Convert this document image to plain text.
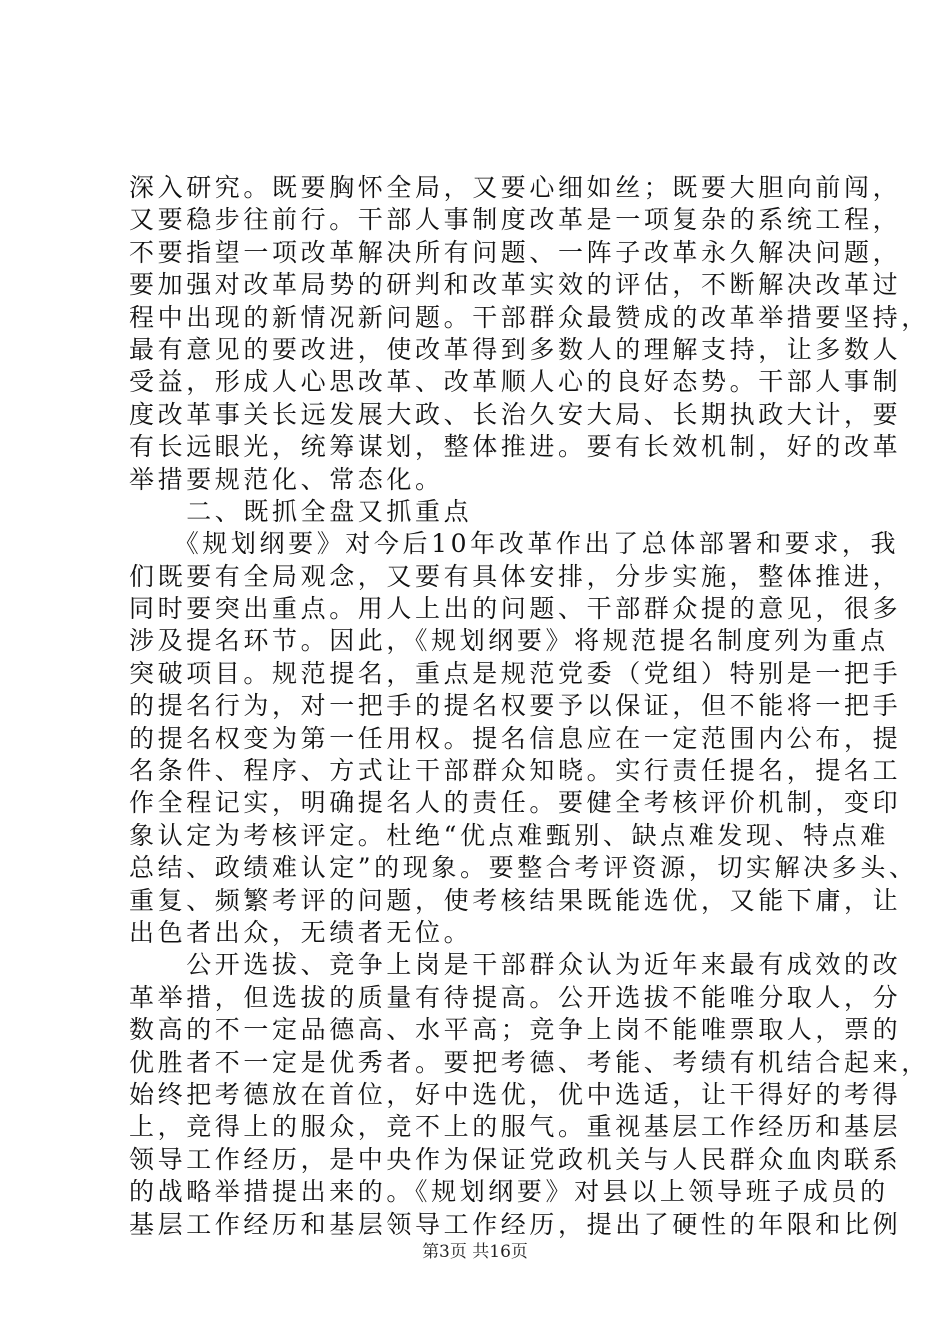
深入研究。既要胸怀全局，又要心细如丝；既要大胆向前闯，
又要稳步往前行。干部人事制度改革是一项复杂的系统工程，
不要指望一项改革解决所有问题、一阵子改革永久解决问题，
要加强对改革局势的研判和改革实效的评估，不断解决改革过
程中出现的新情况新问题。干部群众最赞成的改革举措要坚持，
最有意见的要改进，使改革得到多数人的理解支持，让多数人
受益，形成人心思改革、改革顺人心的良好态势。干部人事制
度改革事关长远发展大政、长治久安大局、长期执政大计，要
有长远眼光，统筹谋划，整体推进。要有长效机制，好的改革
举措要规范化、常态化。
　　二、既抓全盘又抓重点
　　《规划纲要》对今后10年改革作出了总体部署和要求，我
们既要有全局观念，又要有具体安排，分步实施，整体推进，
同时要突出重点。用人上出的问题、干部群众提的意见，很多
涉及提名环节。因此，《规划纲要》将规范提名制度列为重点
突破项目。规范提名，重点是规范党委（党组）特别是一把手
的提名行为，对一把手的提名权要予以保证，但不能将一把手
的提名权变为第一任用权。提名信息应在一定范围内公布，提
名条件、程序、方式让干部群众知晓。实行责任提名，提名工
作全程记实，明确提名人的责任。要健全考核评价机制，变印
象认定为考核评定。杜绝“优点难甄别、缺点难发现、特点难
总结、政绩难认定”的现象。要整合考评资源，切实解决多头、
重复、频繁考评的问题，使考核结果既能选优，又能下庸，让
出色者出众，无绩者无位。
　　公开选拔、竞争上岗是干部群众认为近年来最有成效的改
革举措，但选拔的质量有待提高。公开选拔不能唯分取人，分
数高的不一定品德高、水平高；竞争上岗不能唯票取人，票的
优胜者不一定是优秀者。要把考德、考能、考绩有机结合起来，
始终把考德放在首位，好中选优，优中选适，让干得好的考得
上，竞得上的服众，竞不上的服气。重视基层工作经历和基层
领导工作经历，是中央作为保证党政机关与人民群众血肉联系
的战略举措提出来的。《规划纲要》对县以上领导班子成员的
基层工作经历和基层领导工作经历，提出了硬性的年限和比例
第3页 共16页
